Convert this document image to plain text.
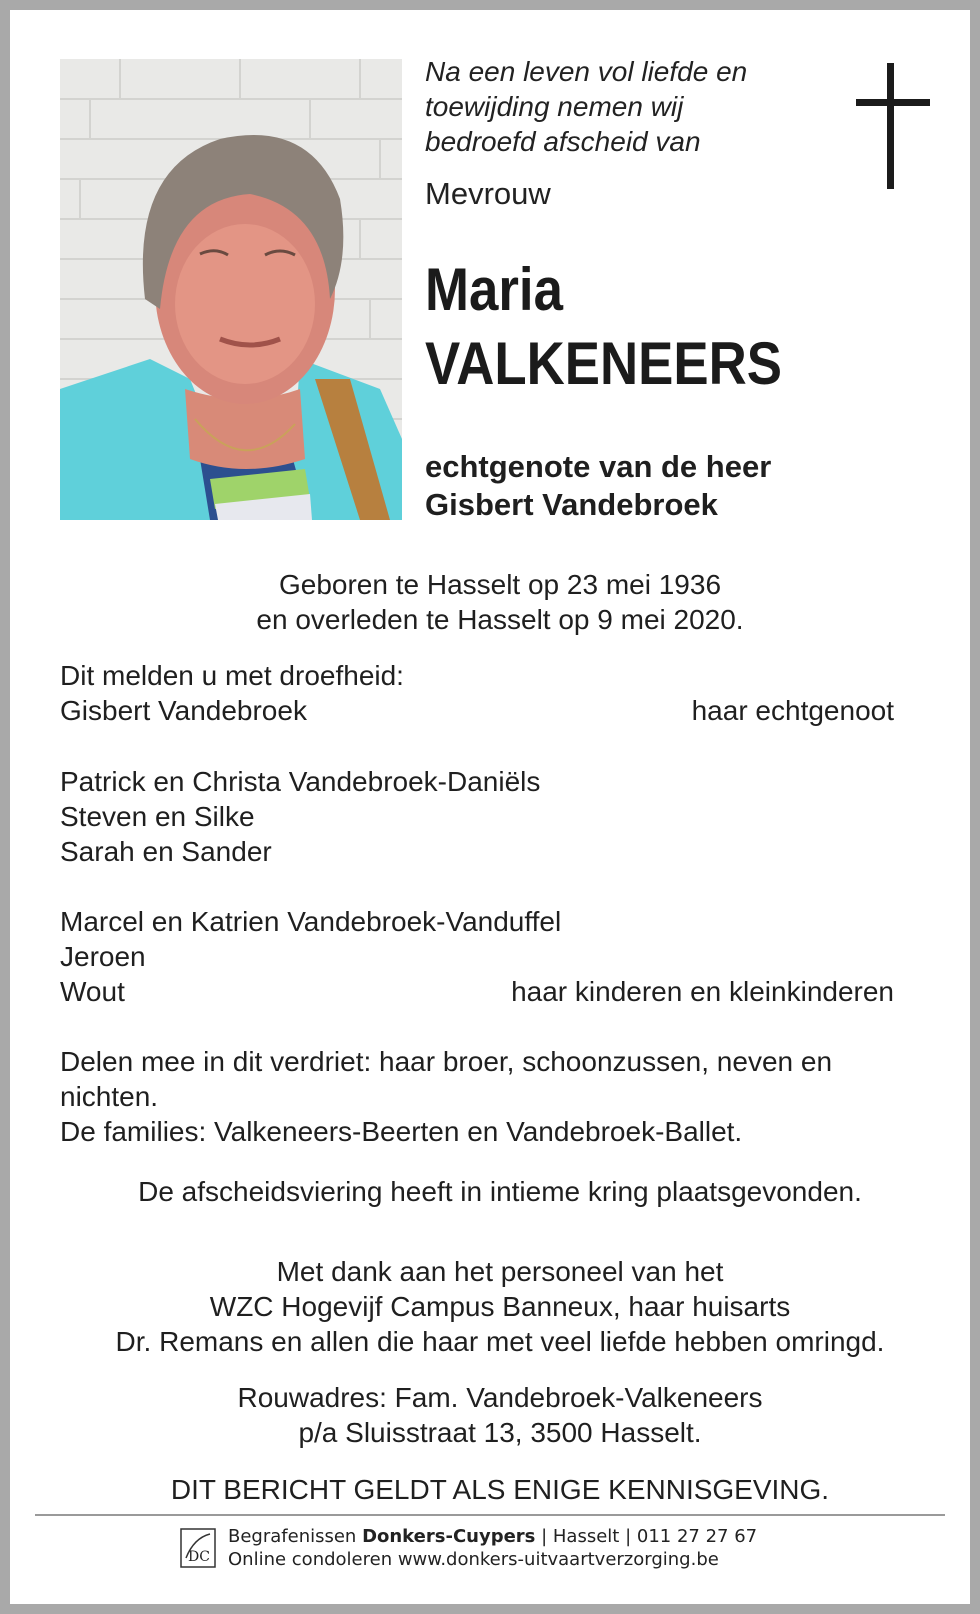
Na een leven vol liefde en
toewijding nemen wij
bedroefd afscheid van
Mevrouw
Maria
VALKENEERS
echtgenote van de heer
Gisbert Vandebroek
Geboren te Hasselt op 23 mei 1936
en overleden te Hasselt op 9 mei 2020.
Dit melden u met droefheid:
Gisbert Vandebroek	haar echtgenoot
Patrick en Christa Vandebroek-Daniëls
Steven en Silke
Sarah en Sander
Marcel en Katrien Vandebroek-Vanduffel
Jeroen
Wout	haar kinderen en kleinkinderen
Delen mee in dit verdriet: haar broer, schoonzussen, neven en
nichten.
De families: Valkeneers-Beerten en Vandebroek-Ballet.
De afscheidsviering heeft in intieme kring plaatsgevonden.
Met dank aan het personeel van het
WZC Hogevijf Campus Banneux, haar huisarts
Dr. Remans en allen die haar met veel liefde hebben omringd.
Rouwadres: Fam. Vandebroek-Valkeneers
p/a Sluisstraat 13, 3500 Hasselt.
DIT BERICHT GELDT ALS ENIGE KENNISGEVING.
DC
Begrafenissen Donkers-Cuypers | Hasselt | 011 27 27 67
Online condoleren www.donkers-uitvaartverzorging.be
